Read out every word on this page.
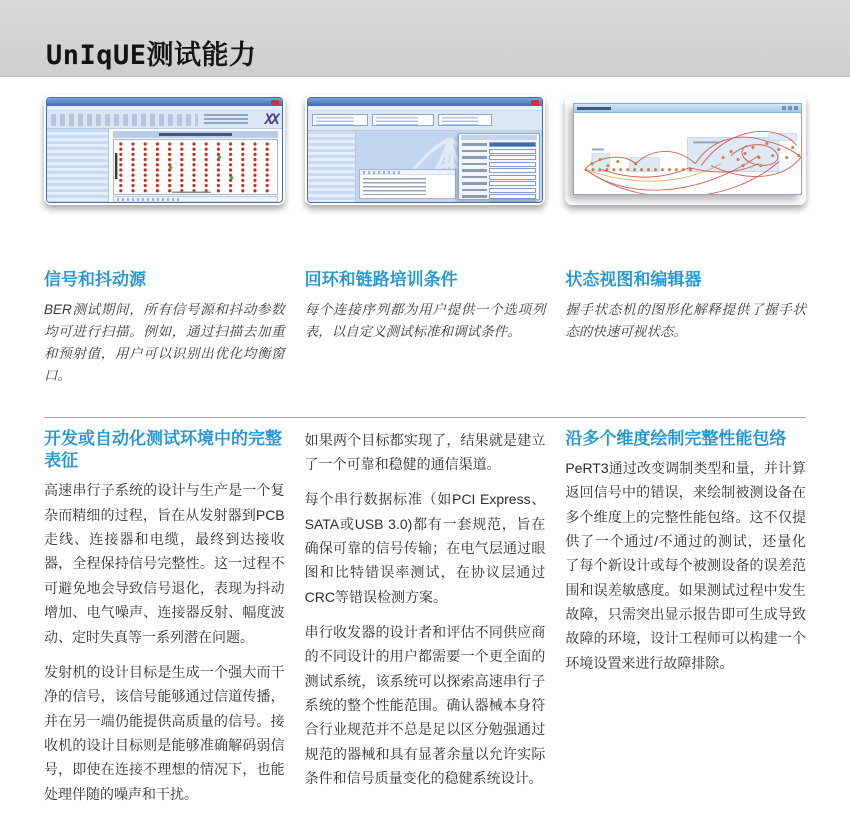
UnIqUE测试能力
XX
信号和抖动源

BER测试期间，所有信号源和抖动参数均可进行扫描。例如，通过扫描去加重和预射值，用户可以识别出优化均衡窗口。

回环和链路培训条件

每个连接序列都为用户提供一个选项列表，以自定义测试标准和调试条件。

状态视图和编辑器

握手状态机的图形化解释提供了握手状态的快速可视状态。

开发或自动化测试环境中的完整表征

高速串行子系统的设计与生产是一个复杂而精细的过程，旨在从发射器到PCB走线、连接器和电缆，最终到达接收器，全程保持信号完整性。这一过程不可避免地会导致信号退化，表现为抖动增加、电气噪声、连接器反射、幅度波动、定时失真等一系列潜在问题。

发射机的设计目标是生成一个强大而干净的信号，该信号能够通过信道传播，并在另一端仍能提供高质量的信号。接收机的设计目标则是能够准确解码弱信号，即使在连接不理想的情况下，也能处理伴随的噪声和干扰。

如果两个目标都实现了，结果就是建立了一个可靠和稳健的通信渠道。

每个串行数据标准（如PCI Express、SATA或USB 3.0)都有一套规范，旨在确保可靠的信号传输；在电气层通过眼图和比特错误率测试，在协议层通过CRC等错误检测方案。

串行收发器的设计者和评估不同供应商的不同设计的用户都需要一个更全面的测试系统，该系统可以探索高速串行子系统的整个性能范围。确认器械本身符合行业规范并不总是足以区分勉强通过规范的器械和具有显著余量以允许实际条件和信号质量变化的稳健系统设计。

沿多个维度绘制完整性能包络

PeRT3通过改变调制类型和量，并计算返回信号中的错误，来绘制被测设备在多个维度上的完整性能包络。这不仅提供了一个通过/不通过的测试，还量化了每个新设计或每个被测设备的误差范围和误差敏感度。如果测试过程中发生故障，只需突出显示报告即可生成导致故障的环境，设计工程师可以构建一个环境设置来进行故障排除。
